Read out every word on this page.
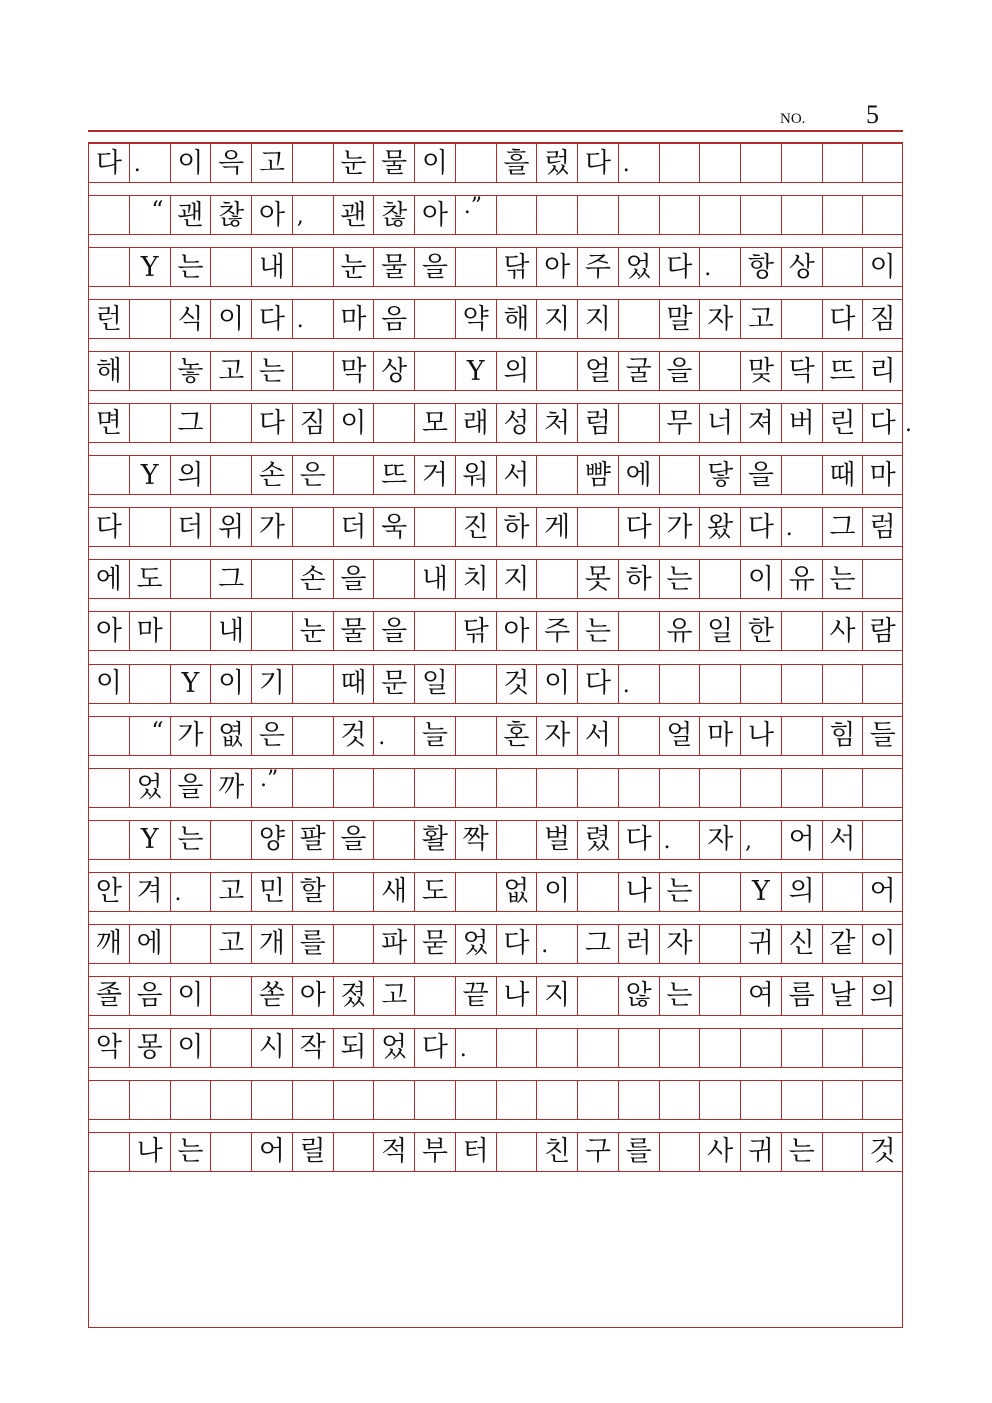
NO. 5
다 .	이 윽 고 눈 물 이 흘 렀 다 .
“ 괜 찮 아 ,	괜 찮 아 .”
Y 는 내 눈 물 을 닦 아 주 었 다 .	항 상 이
런 식 이 다 .	마 음 약 해 지 지 말 자 고 다 짐
해 놓 고 는 막 상	Y 의 얼 굴 을 맞 닥 뜨 리
면 그 다 짐 이 모 래 성 처 럼 무 너 져 버 린 다 .
Y 의 손 은 뜨 거 워 서 뺨 에 닿 을 때 마
다 더 위 가 더 욱 진 하 게 다 가 왔 다 .	그 럼
에 도 그 손 을 내 치 지 못 하 는 이 유 는
아 마 내 눈 물 을 닦 아 주 는 유 일 한 사 람
이	Y 이 기 때 문 일 것 이 다 .
“ 가 엾 은 것 .	늘 혼 자 서 얼 마 나 힘 들
었 을 까 .”
Y 는 양 팔 을 활 짝 벌 렸 다 .	자 ,	어 서
안 겨 .	고 민 할 새 도 없 이 나 는	Y 의 어
깨 에 고 개 를 파 묻 었 다 .	그 러 자 귀 신 같 이
졸 음 이 쏟 아 졌 고 끝 나 지 않 는 여 름 날 의
악 몽 이 시 작 되 었 다 .
나 는 어 릴 적 부 터 친 구 를 사 귀 는 것
